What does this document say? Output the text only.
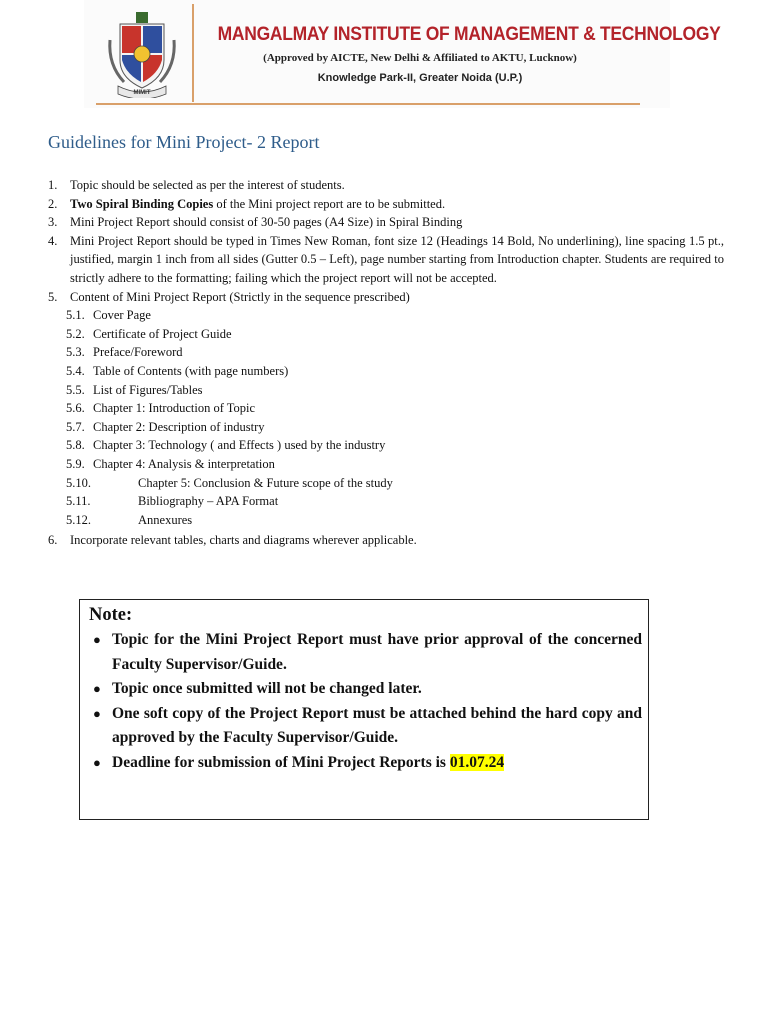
MIMIT
MANGALMAY INSTITUTE OF MANAGEMENT & TECHNOLOGY
(Approved by AICTE, New Delhi & Affiliated to AKTU, Lucknow)
Knowledge Park-II, Greater Noida (U.P.)
Guidelines for Mini Project- 2 Report
1. Topic should be selected as per the interest of students.
2. Two Spiral Binding Copies of the Mini project report are to be submitted.
3. Mini Project Report should consist of 30-50 pages (A4 Size) in Spiral Binding
4. Mini Project Report should be typed in Times New Roman, font size 12 (Headings 14 Bold, No underlining), line spacing 1.5 pt., justified, margin 1 inch from all sides (Gutter 0.5 – Left), page number starting from Introduction chapter. Students are required to strictly adhere to the formatting; failing which the project report will not be accepted.
5. Content of Mini Project Report (Strictly in the sequence prescribed)
5.1. Cover Page
5.2. Certificate of Project Guide
5.3. Preface/Foreword
5.4. Table of Contents (with page numbers)
5.5. List of Figures/Tables
5.6. Chapter 1: Introduction of Topic
5.7. Chapter 2: Description of industry
5.8. Chapter 3: Technology ( and Effects ) used by the industry
5.9. Chapter 4: Analysis & interpretation
5.10.	Chapter 5: Conclusion & Future scope of the study
5.11.	Bibliography – APA Format
5.12.	Annexures
6. Incorporate relevant tables, charts and diagrams wherever applicable.
Note:
● Topic for the Mini Project Report must have prior approval of the concerned Faculty Supervisor/Guide.
● Topic once submitted will not be changed later.
● One soft copy of the Project Report must be attached behind the hard copy and approved by the Faculty Supervisor/Guide.
● Deadline for submission of Mini Project Reports is 01.07.24
